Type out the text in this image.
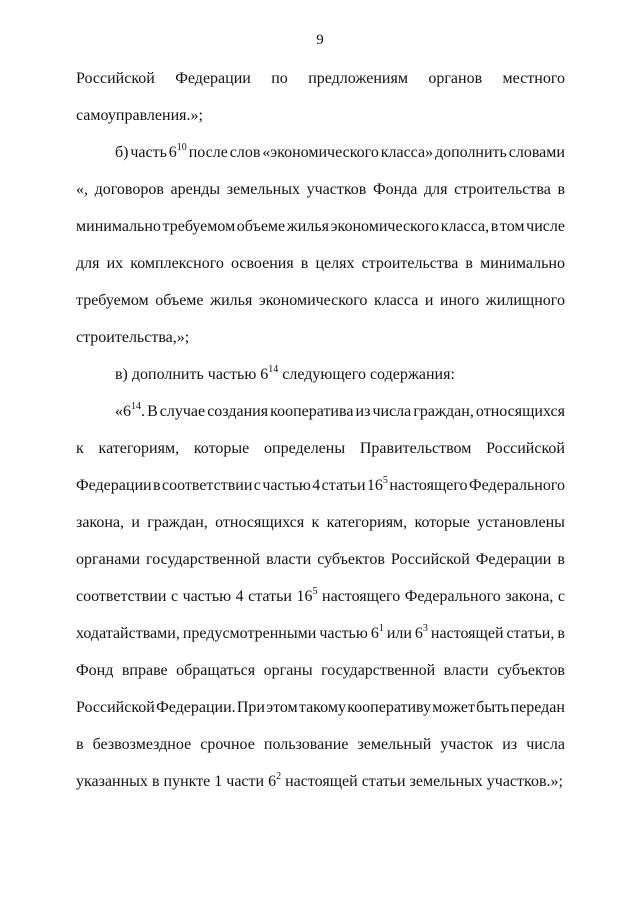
9
Российской Федерации по предложениям органов местного
самоуправления.»;
б) часть $6^{10}$ после слов «экономического класса» дополнить словами
«, договоров аренды земельных участков Фонда для строительства в
минимально требуемом объеме жилья экономического класса, в том числе
для их комплексного освоения в целях строительства в минимально
требуемом объеме жилья экономического класса и иного жилищного
строительства,»;
в) дополнить частью $6^{14}$ следующего содержания:
«$6^{14}$. В случае создания кооператива из числа граждан, относящихся
к категориям, которые определены Правительством Российской
Федерации в соответствии с частью 4 статьи $16^5$ настоящего Федерального
закона, и граждан, относящихся к категориям, которые установлены
органами государственной власти субъектов Российской Федерации в
соответствии с частью 4 статьи $16^5$ настоящего Федерального закона, с
ходатайствами, предусмотренными частью $6^1$ или $6^3$ настоящей статьи, в
Фонд вправе обращаться органы государственной власти субъектов
Российской Федерации. При этом такому кооперативу может быть передан
в безвозмездное срочное пользование земельный участок из числа
указанных в пункте 1 части $6^2$ настоящей статьи земельных участков.»;
